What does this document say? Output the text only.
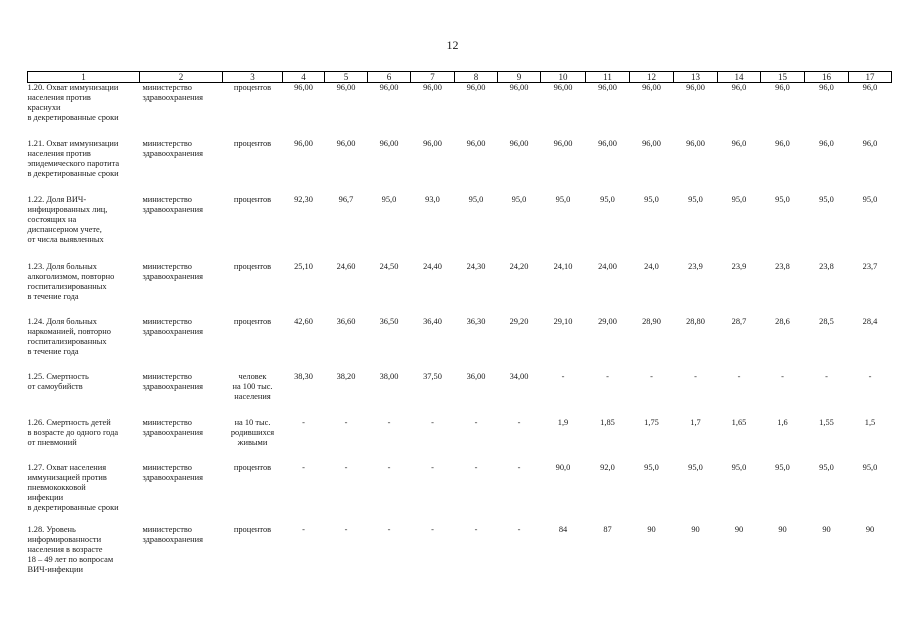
12
1	2	3	4	5	6	7	8	9	10	11	12	13	14	15	16	17

1.20. Охват иммунизации
населения против
краснухи
в декретированные сроки	министерство
здравоохранения	процентов	96,00	96,00	96,00	96,00	96,00	96,00	96,00	96,00	96,00	96,00	96,0	96,0	96,0	96,0

1.21. Охват иммунизации
населения против
эпидемического паротита
в декретированные сроки	министерство
здравоохранения	процентов	96,00	96,00	96,00	96,00	96,00	96,00	96,00	96,00	96,00	96,00	96,0	96,0	96,0	96,0

1.22. Доля ВИЧ-
инфицированных лиц,
состоящих на
диспансерном учете,
от числа выявленных	министерство
здравоохранения	процентов	92,30	96,7	95,0	93,0	95,0	95,0	95,0	95,0	95,0	95,0	95,0	95,0	95,0	95,0

1.23. Доля больных
алкоголизмом, повторно
госпитализированных
в течение года	министерство
здравоохранения	процентов	25,10	24,60	24,50	24,40	24,30	24,20	24,10	24,00	24,0	23,9	23,9	23,8	23,8	23,7

1.24. Доля больных
наркоманией, повторно
госпитализированных
в течение года	министерство
здравоохранения	процентов	42,60	36,60	36,50	36,40	36,30	29,20	29,10	29,00	28,90	28,80	28,7	28,6	28,5	28,4

1.25. Смертность
от самоубийств	министерство
здравоохранения	человек
на 100 тыс.
населения	38,30	38,20	38,00	37,50	36,00	34,00	-	-	-	-	-	-	-	-

1.26. Смертность детей
в возрасте до одного года
от пневмоний	министерство
здравоохранения	на 10 тыс.
родившихся
живыми	-	-	-	-	-	-	1,9	1,85	1,75	1,7	1,65	1,6	1,55	1,5

1.27. Охват населения
иммунизацией против
пневмококковой
инфекции
в декретированные сроки	министерство
здравоохранения	процентов	-	-	-	-	-	-	90,0	92,0	95,0	95,0	95,0	95,0	95,0	95,0

1.28. Уровень
информированности
населения в возрасте
18 – 49 лет по вопросам
ВИЧ-инфекции	министерство
здравоохранения	процентов	-	-	-	-	-	-	84	87	90	90	90	90	90	90
